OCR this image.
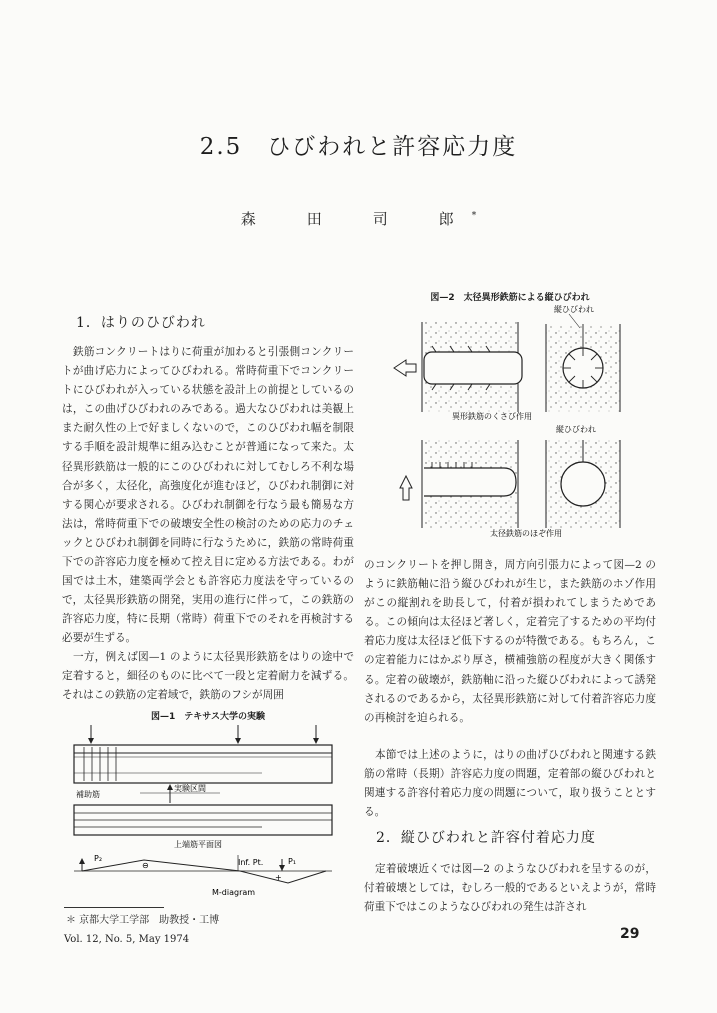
2.5　ひびわれと許容応力度
森　田　司　郎*
1．はりのひびわれ

鉄筋コンクリートはりに荷重が加わると引張側コンクリートが曲げ応力によってひびわれる。常時荷重下でコンクリートにひびわれが入っている状態を設計上の前提としているのは，この曲げひびわれのみである。過大なひびわれは美観上また耐久性の上で好ましくないので，このひびわれ幅を制限する手順を設計規準に組み込むことが普通になって来た。太径異形鉄筋は一般的にこのひびわれに対してむしろ不利な場合が多く，太径化，高強度化が進むほど，ひびわれ制御に対する関心が要求される。ひびわれ制御を行なう最も簡易な方法は，常時荷重下での破壊安全性の検討のための応力のチェックとひびわれ制御を同時に行なうために，鉄筋の常時荷重下での許容応力度を極めて控え目に定める方法である。わが国では土木，建築両学会とも許容応力度法を守っているので，太径異形鉄筋の開発，実用の進行に伴って，この鉄筋の許容応力度，特に長期（常時）荷重下でのそれを再検討する必要が生ずる。

一方，例えば図—1 のように太径異形鉄筋をはりの途中で定着すると，細径のものに比べて一段と定着耐力を減ずる。それはこの鉄筋の定着域で，鉄筋のフシが周囲

図—1　テキサス大学の実験
実験区間
補助筋
上端筋平面図
P₂
⊖	Inf. Pt.	P₁
+
M-diagram
＊ 京都大学工学部　助教授・工博
Vol. 12, No. 5, May 1974
図—2　太径異形鉄筋による縦ひびわれ
縦ひびわれ
異形鉄筋のくさび作用
縦ひびわれ
太径鉄筋のほぞ作用

のコンクリートを押し開き，周方向引張力によって図—2 のように鉄筋軸に沿う縦ひびわれが生じ，また鉄筋のホゾ作用がこの縦割れを助長して，付着が損われてしまうためである。この傾向は太径ほど著しく，定着完了するための平均付着応力度は太径ほど低下するのが特徴である。もちろん，この定着能力にはかぶり厚さ，横補強筋の程度が大きく関係する。定着の破壊が，鉄筋軸に沿った縦ひびわれによって誘発されるのであるから，太径異形鉄筋に対して付着許容応力度の再検討を迫られる。

本節では上述のように，はりの曲げひびわれと関連する鉄筋の常時（長期）許容応力度の問題，定着部の縦ひびわれと関連する許容付着応力度の問題について，取り扱うこととする。

2．縦ひびわれと許容付着応力度

定着破壊近くでは図—2 のようなひびわれを呈するのが，付着破壊としては，むしろ一般的であるといえようが，常時荷重下ではこのようなひびわれの発生は許され

29
